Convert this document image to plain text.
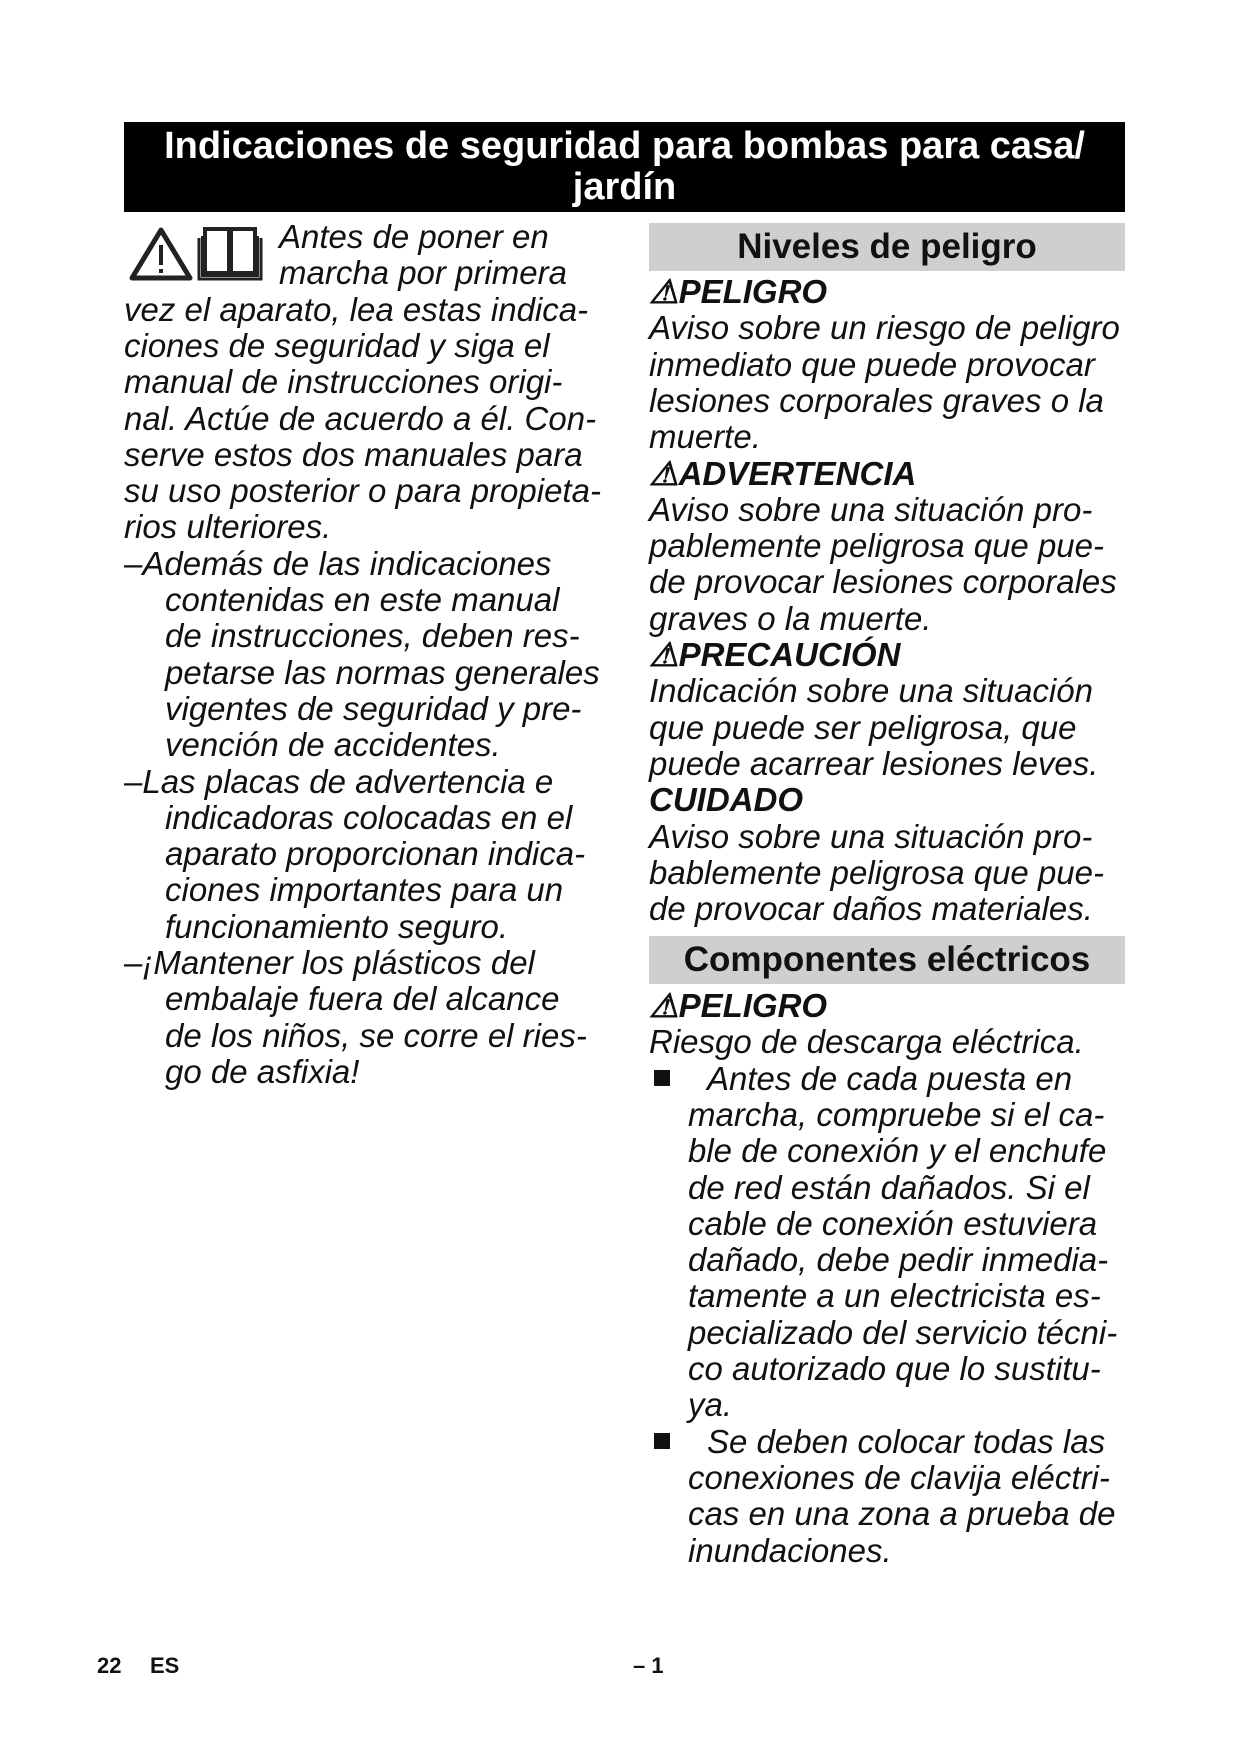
Indicaciones de seguridad para bombas para casa/
jardín
Antes de poner en
marcha por primera
vez el aparato, lea estas indica-
ciones de seguridad y siga el
manual de instrucciones origi-
nal. Actúe de acuerdo a él. Con-
serve estos dos manuales para
su uso posterior o para propieta-
rios ulteriores.
–Además de las indicaciones
contenidas en este manual
de instrucciones, deben res-
petarse las normas generales
vigentes de seguridad y pre-
vención de accidentes.
–Las placas de advertencia e
indicadoras colocadas en el
aparato proporcionan indica-
ciones importantes para un
funcionamiento seguro.
–¡Mantener los plásticos del
embalaje fuera del alcance
de los niños, se corre el ries-
go de asfixia!
⚠PELIGRO
Aviso sobre un riesgo de peligro
inmediato que puede provocar
lesiones corporales graves o la
muerte.
⚠ADVERTENCIA
Aviso sobre una situación pro-
pablemente peligrosa que pue-
de provocar lesiones corporales
graves o la muerte.
⚠PRECAUCIÓN
Indicación sobre una situación
que puede ser peligrosa, que
puede acarrear lesiones leves.
CUIDADO
Aviso sobre una situación pro-
bablemente peligrosa que pue-
de provocar daños materiales.
⚠PELIGRO
Riesgo de descarga eléctrica.
Antes de cada puesta en
marcha, compruebe si el ca-
ble de conexión y el enchufe
de red están dañados. Si el
cable de conexión estuviera
dañado, debe pedir inmedia-
tamente a un electricista es-
pecializado del servicio técni-
co autorizado que lo sustitu-
ya.
Se deben colocar todas las
conexiones de clavija eléctri-
cas en una zona a prueba de
inundaciones.
Niveles de peligro
Componentes eléctricos
22 ES	– 1
